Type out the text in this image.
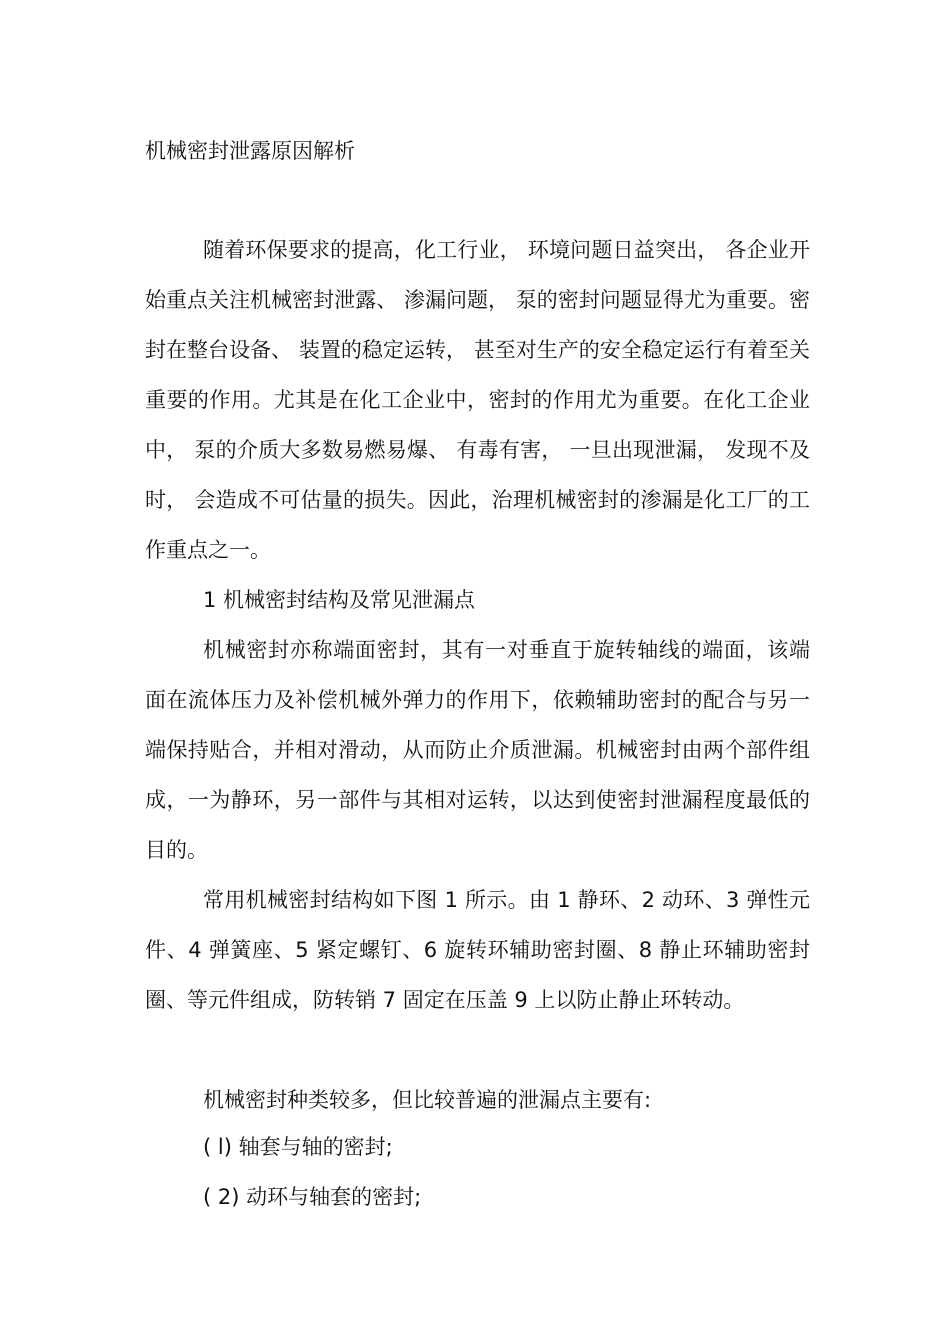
机械密封泄露原因解析
随着环保要求的提高，化工行业， 环境问题日益突出， 各企业开始重点关注机械密封泄露、 渗漏问题， 泵的密封问题显得尤为重要。密封在整台设备、 装置的稳定运转， 甚至对生产的安全稳定运行有着至关重要的作用。尤其是在化工企业中，密封的作用尤为重要。在化工企业中， 泵的介质大多数易燃易爆、 有毒有害， 一旦出现泄漏， 发现不及时， 会造成不可估量的损失。因此，治理机械密封的渗漏是化工厂的工作重点之一。
1 机械密封结构及常见泄漏点
机械密封亦称端面密封，其有一对垂直于旋转轴线的端面，该端面在流体压力及补偿机械外弹力的作用下，依赖辅助密封的配合与另一端保持贴合，并相对滑动，从而防止介质泄漏。机械密封由两个部件组成，一为静环，另一部件与其相对运转，以达到使密封泄漏程度最低的目的。
常用机械密封结构如下图 1 所示。由 1 静环、2 动环、3 弹性元件、4 弹簧座、5 紧定螺钉、6 旋转环辅助密封圈、8 静止环辅助密封圈、等元件组成，防转销 7 固定在压盖 9 上以防止静止环转动。
机械密封种类较多，但比较普遍的泄漏点主要有:
( l) 轴套与轴的密封;
( 2) 动环与轴套的密封;
